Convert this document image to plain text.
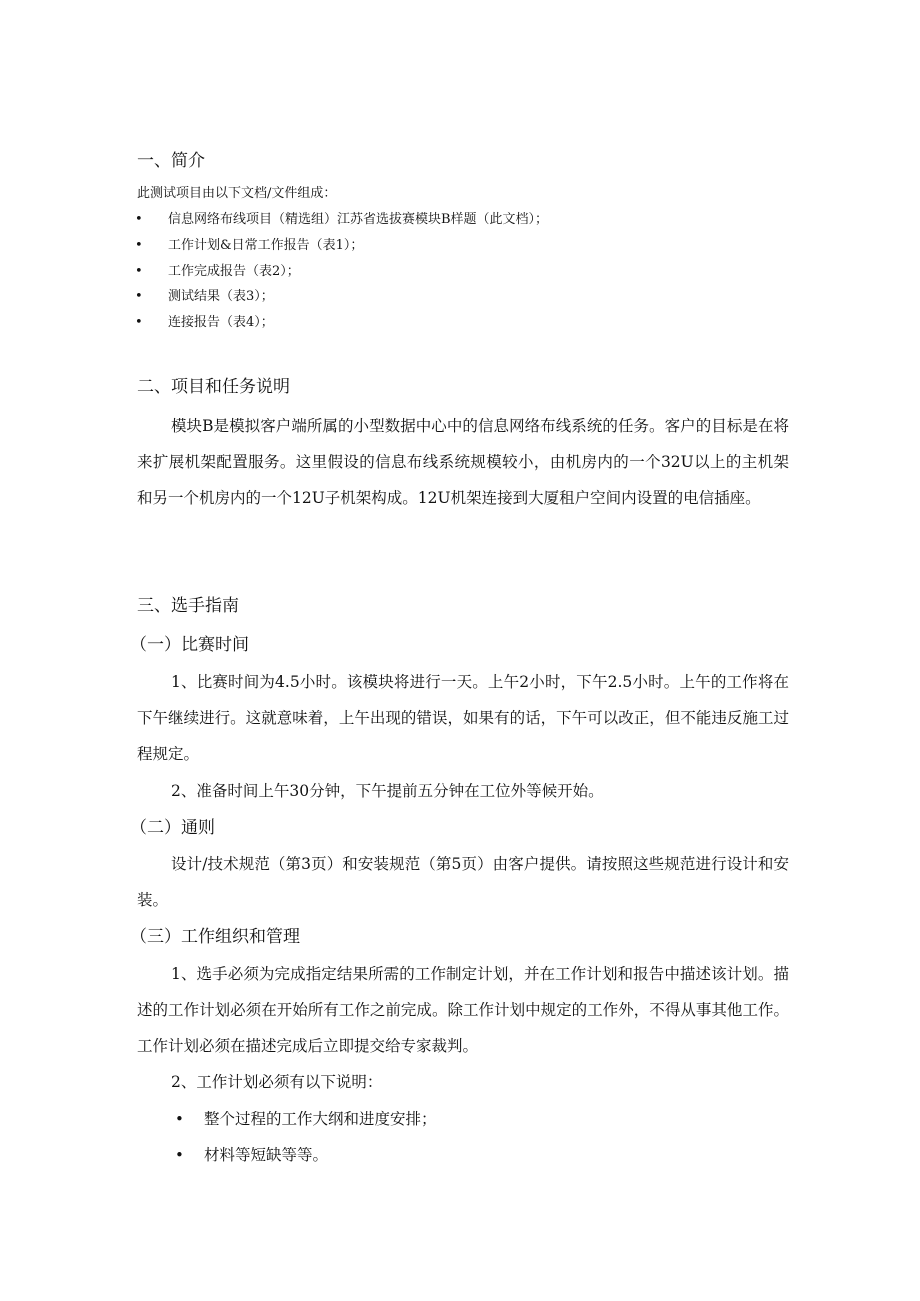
一、简介
此测试项目由以下文档/文件组成：
• 信息网络布线项目（精选组）江苏省选拔赛模块B样题（此文档）；
• 工作计划&日常工作报告（表1）；
• 工作完成报告（表2）；
• 测试结果（表3）；
• 连接报告（表4）；
二、项目和任务说明

模块B是模拟客户端所属的小型数据中心中的信息网络布线系统的任务。客户的目标是在将来扩展机架配置服务。这里假设的信息布线系统规模较小，由机房内的一个32U以上的主机架和另一个机房内的一个12U子机架构成。12U机架连接到大厦租户空间内设置的电信插座。

三、选手指南
（一）比赛时间

1、比赛时间为4.5小时。该模块将进行一天。上午2小时，下午2.5小时。上午的工作将在下午继续进行。这就意味着，上午出现的错误，如果有的话，下午可以改正，但不能违反施工过程规定。

2、准备时间上午30分钟，下午提前五分钟在工位外等候开始。
（二）通则

设计/技术规范（第3页）和安装规范（第5页）由客户提供。请按照这些规范进行设计和安装。

（三）工作组织和管理

1、选手必须为完成指定结果所需的工作制定计划，并在工作计划和报告中描述该计划。描述的工作计划必须在开始所有工作之前完成。除工作计划中规定的工作外，不得从事其他工作。工作计划必须在描述完成后立即提交给专家裁判。

2、工作计划必须有以下说明：
• 整个过程的工作大纲和进度安排；
• 材料等短缺等等。
